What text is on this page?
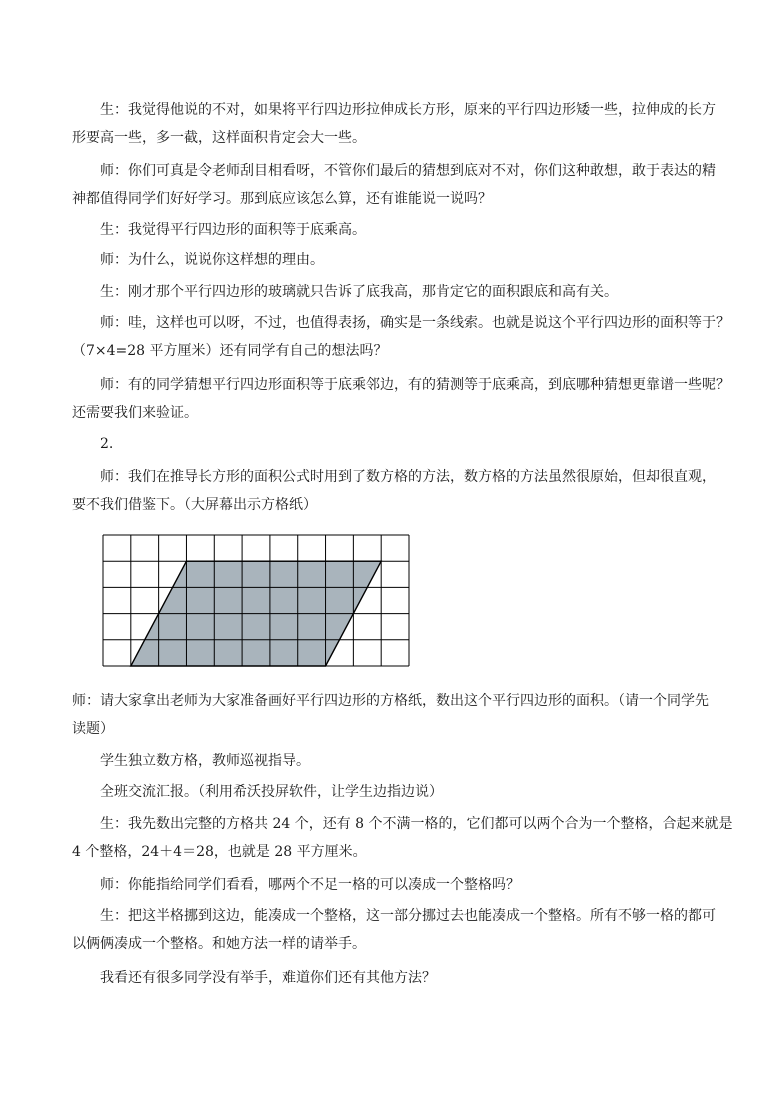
生：我觉得他说的不对，如果将平行四边形拉伸成长方形，原来的平行四边形矮一些，拉伸成的长方
形要高一些，多一截，这样面积肯定会大一些。

师：你们可真是令老师刮目相看呀，不管你们最后的猜想到底对不对，你们这种敢想，敢于表达的精
神都值得同学们好好学习。那到底应该怎么算，还有谁能说一说吗？

生：我觉得平行四边形的面积等于底乘高。

师：为什么，说说你这样想的理由。

生：刚才那个平行四边形的玻璃就只告诉了底我高，那肯定它的面积跟底和高有关。

师：哇，这样也可以呀，不过，也值得表扬，确实是一条线索。也就是说这个平行四边形的面积等于？
（7×4=28 平方厘米）还有同学有自己的想法吗？

师：有的同学猜想平行四边形面积等于底乘邻边，有的猜测等于底乘高，到底哪种猜想更靠谱一些呢？
还需要我们来验证。

2.

师：我们在推导长方形的面积公式时用到了数方格的方法，数方格的方法虽然很原始，但却很直观，
要不我们借鉴下。（大屏幕出示方格纸）

师：请大家拿出老师为大家准备画好平行四边形的方格纸，数出这个平行四边形的面积。（请一个同学先
读题）

学生独立数方格，教师巡视指导。

全班交流汇报。（利用希沃投屏软件，让学生边指边说）

生：我先数出完整的方格共 24 个，还有 8 个不满一格的，它们都可以两个合为一个整格，合起来就是
4 个整格，24＋4＝28，也就是 28 平方厘米。

师：你能指给同学们看看，哪两个不足一格的可以凑成一个整格吗？

生：把这半格挪到这边，能凑成一个整格，这一部分挪过去也能凑成一个整格。所有不够一格的都可
以俩俩凑成一个整格。和她方法一样的请举手。

我看还有很多同学没有举手，难道你们还有其他方法？
